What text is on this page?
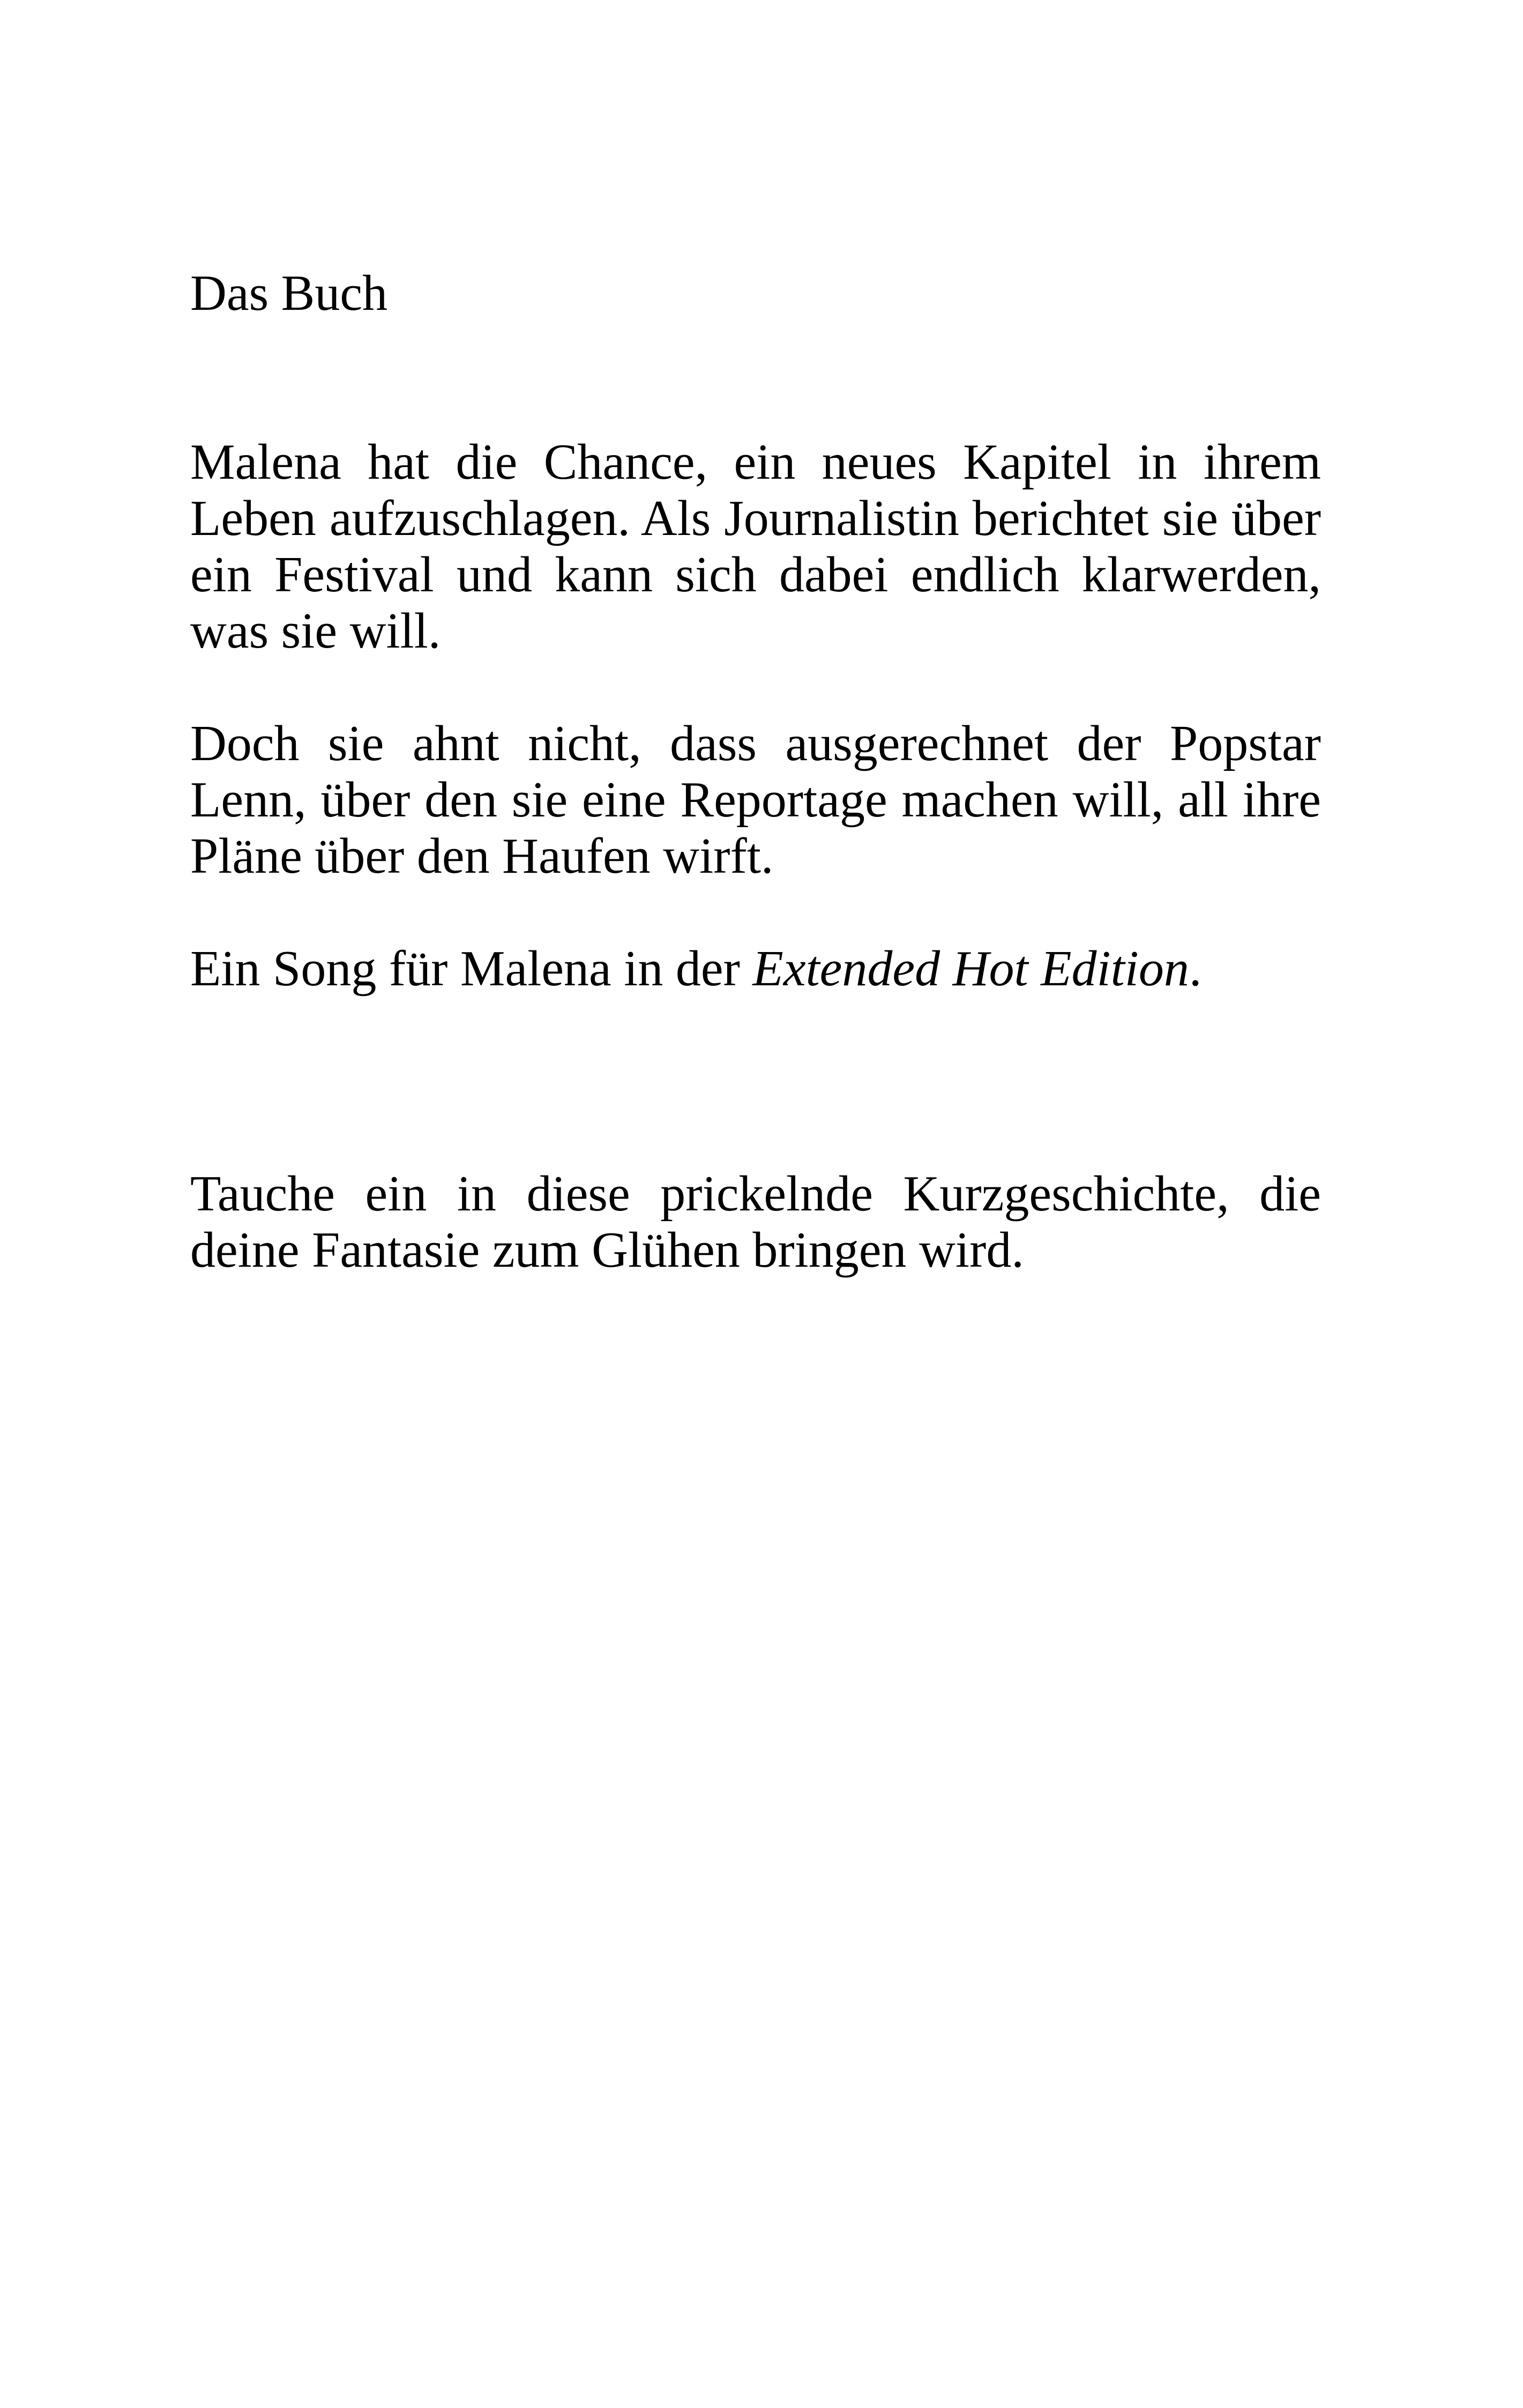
Das Buch

Malena hat die Chance, ein neues Kapitel in ihrem Leben aufzuschlagen. Als Journalistin berichtet sie über ein Festival und kann sich dabei endlich klarwerden, was sie will.

Doch sie ahnt nicht, dass ausgerechnet der Popstar Lenn, über den sie eine Reportage machen will, all ihre Pläne über den Haufen wirft.

Ein Song für Malena in der Extended Hot Edition.

Tauche ein in diese prickelnde Kurzgeschichte, die deine Fantasie zum Glühen bringen wird.
